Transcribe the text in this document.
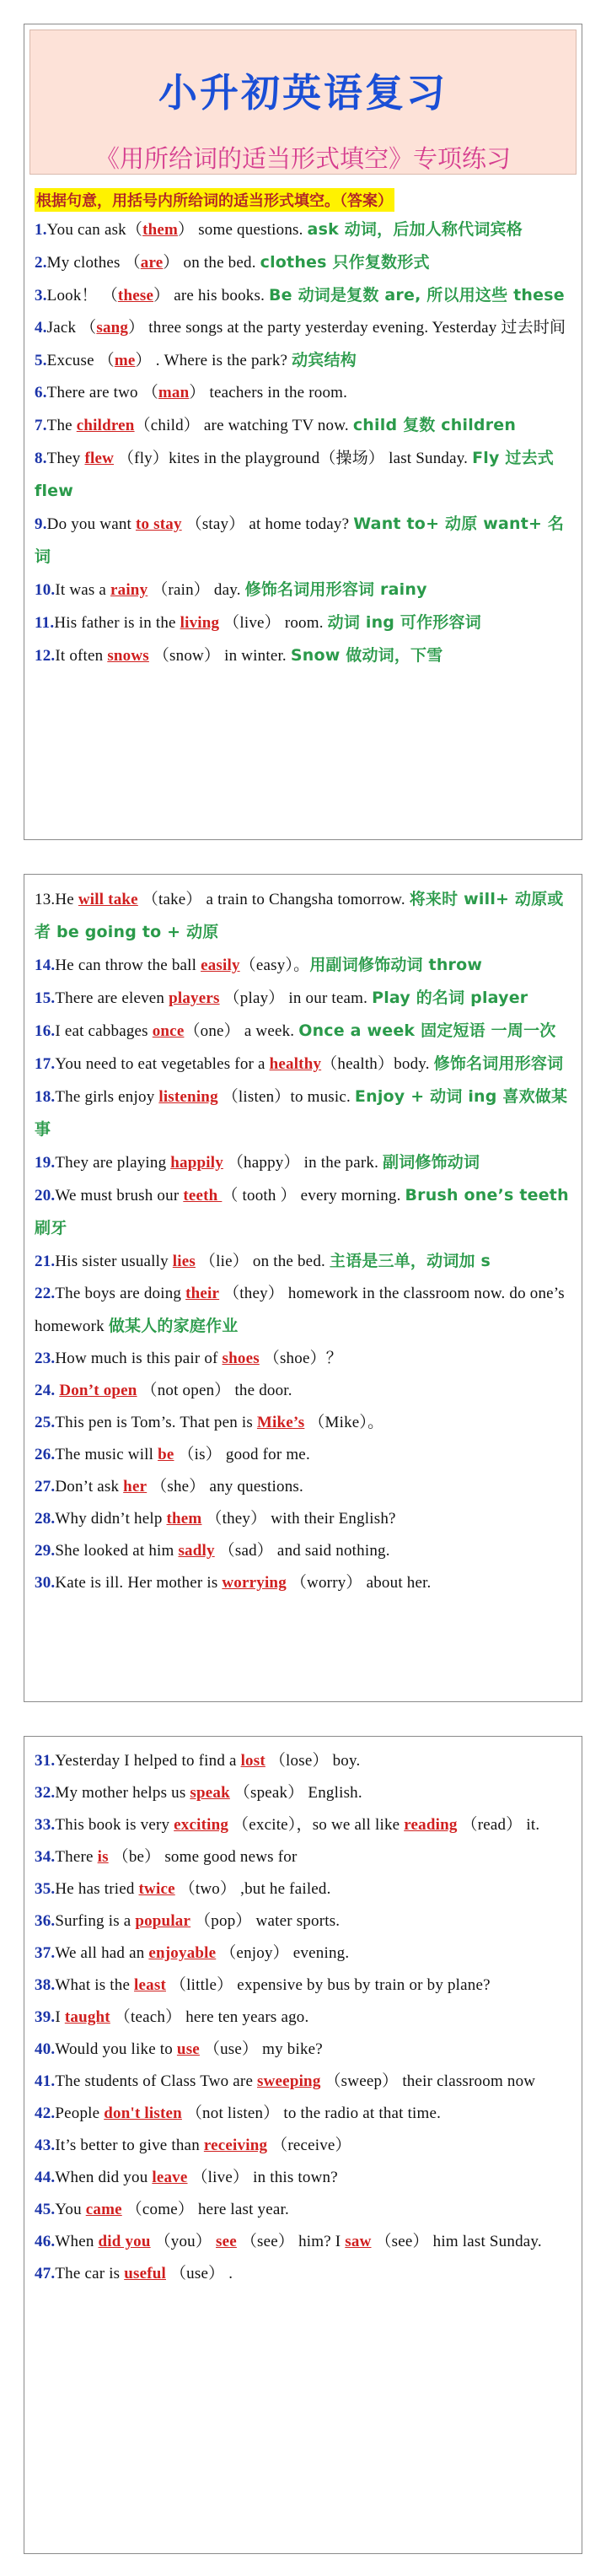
小升初英语复习
《用所给词的适当形式填空》专项练习
根据句意，用括号内所给词的适当形式填空。（答案）
1.You can ask（them） some questions. ask 动词，后加人称代词宾格
2.My clothes （are） on the bed. clothes 只作复数形式
3.Look！ （these） are his books. Be 动词是复数 are, 所以用这些 these
4.Jack （sang） three songs at the party yesterday evening. Yesterday 过去时间
5.Excuse （me） . Where is the park? 动宾结构
6.There are two （man） teachers in the room.
7.The children（child） are watching TV now. child 复数 children
8.They flew （fly）kites in the playground（操场） last Sunday. Fly 过去式 flew
9.Do you want to stay （stay） at home today? Want to+ 动原 want+ 名词
10.It was a rainy （rain） day. 修饰名词用形容词 rainy
11.His father is in the living （live） room. 动词 ing 可作形容词
12.It often snows （snow） in winter. Snow 做动词，下雪
13.He will take （take） a train to Changsha tomorrow. 将来时 will+ 动原或者 be going to + 动原
14.He can throw the ball easily（easy）。用副词修饰动词 throw
15.There are eleven players （play） in our team. Play 的名词 player
16.I eat cabbages once（one） a week. Once a week 固定短语 一周一次
17.You need to eat vegetables for a healthy（health）body. 修饰名词用形容词
18.The girls enjoy listening （listen）to music. Enjoy + 动词 ing 喜欢做某事
19.They are playing happily （happy） in the park. 副词修饰动词
20.We must brush our teeth （ tooth ） every morning. Brush one’s teeth 刷牙
21.His sister usually lies （lie） on the bed. 主语是三单，动词加 s
22.The boys are doing their （they） homework in the classroom now. do one’s homework 做某人的家庭作业
23.How much is this pair of shoes （shoe）？
24. Don’t open （not open） the door.
25.This pen is Tom’s. That pen is Mike’s （Mike）。
26.The music will be （is） good for me.
27.Don’t ask her （she） any questions.
28.Why didn’t help them （they） with their English?
29.She looked at him sadly （sad） and said nothing.
30.Kate is ill. Her mother is worrying （worry） about her.
31.Yesterday I helped to find a lost （lose） boy.
32.My mother helps us speak （speak） English.
33.This book is very exciting （excite），so we all like reading （read） it.
34.There is （be） some good news for
35.He has tried twice （two） ,but he failed.
36.Surfing is a popular （pop） water sports.
37.We all had an enjoyable （enjoy） evening.
38.What is the least （little） expensive by bus by train or by plane?
39.I taught （teach） here ten years ago.
40.Would you like to use （use） my bike?
41.The students of Class Two are sweeping （sweep） their classroom now
42.People don't listen （not listen） to the radio at that time.
43.It’s better to give than receiving （receive）
44.When did you leave （live） in this town?
45.You came （come） here last year.
46.When did you （you） see （see） him? I saw （see） him last Sunday.
47.The car is useful （use） .
